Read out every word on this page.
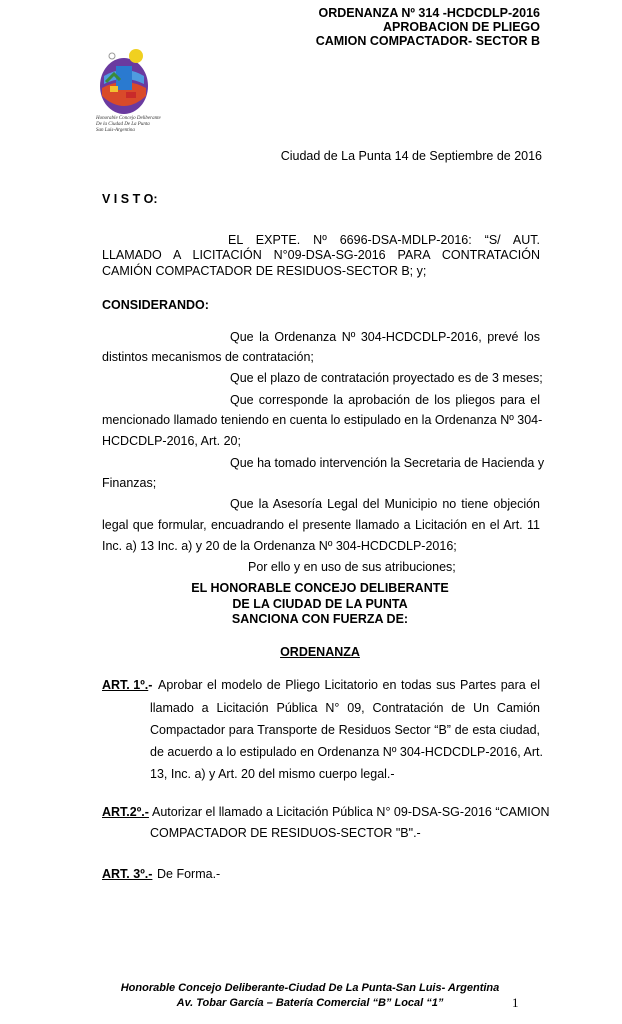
ORDENANZA Nº 314 -HCDCDLP-2016
APROBACION DE PLIEGO
CAMION COMPACTADOR- SECTOR B
Honorable Concejo Deliberante
De la Ciudad De La Punta
San Luis-Argentina
Ciudad de La Punta 14 de Septiembre de 2016
V I S T O:
EL EXPTE. Nº 6696-DSA-MDLP-2016: “S/ AUT.
LLAMADO A LICITACIÓN N°09-DSA-SG-2016 PARA CONTRATACIÓN
CAMIÓN COMPACTADOR DE RESIDUOS-SECTOR B; y;
CONSIDERANDO:
Que la Ordenanza Nº 304-HCDCDLP-2016, prevé los
distintos mecanismos de contratación;
Que el plazo de contratación proyectado es de 3 meses;
Que corresponde la aprobación de los pliegos para el
mencionado llamado teniendo en cuenta lo estipulado en la Ordenanza Nº 304-
HCDCDLP-2016, Art. 20;
Que ha tomado intervención la Secretaria de Hacienda y
Finanzas;
Que la Asesoría Legal del Municipio no tiene objeción
legal que formular, encuadrando el presente llamado a Licitación en el Art. 11
Inc. a) 13 Inc. a) y 20 de la Ordenanza Nº 304-HCDCDLP-2016;
Por ello y en uso de sus atribuciones;
EL HONORABLE CONCEJO DELIBERANTE
DE LA CIUDAD DE LA PUNTA
SANCIONA CON FUERZA DE:
ORDENANZA
ART. 1º.- Aprobar el modelo de Pliego Licitatorio en todas sus Partes para el
llamado a Licitación Pública N° 09, Contratación de Un Camión
Compactador para Transporte de Residuos Sector “B” de esta ciudad,
de acuerdo a lo estipulado en Ordenanza Nº 304-HCDCDLP-2016, Art.
13, Inc. a) y Art. 20 del mismo cuerpo legal.-
ART.2º.- Autorizar el llamado a Licitación Pública N° 09-DSA-SG-2016 “CAMION
COMPACTADOR DE RESIDUOS-SECTOR "B".-
ART. 3º.- De Forma.-
Honorable Concejo Deliberante-Ciudad De La Punta-San Luis- Argentina
Av. Tobar García – Batería Comercial “B” Local “1”	1
